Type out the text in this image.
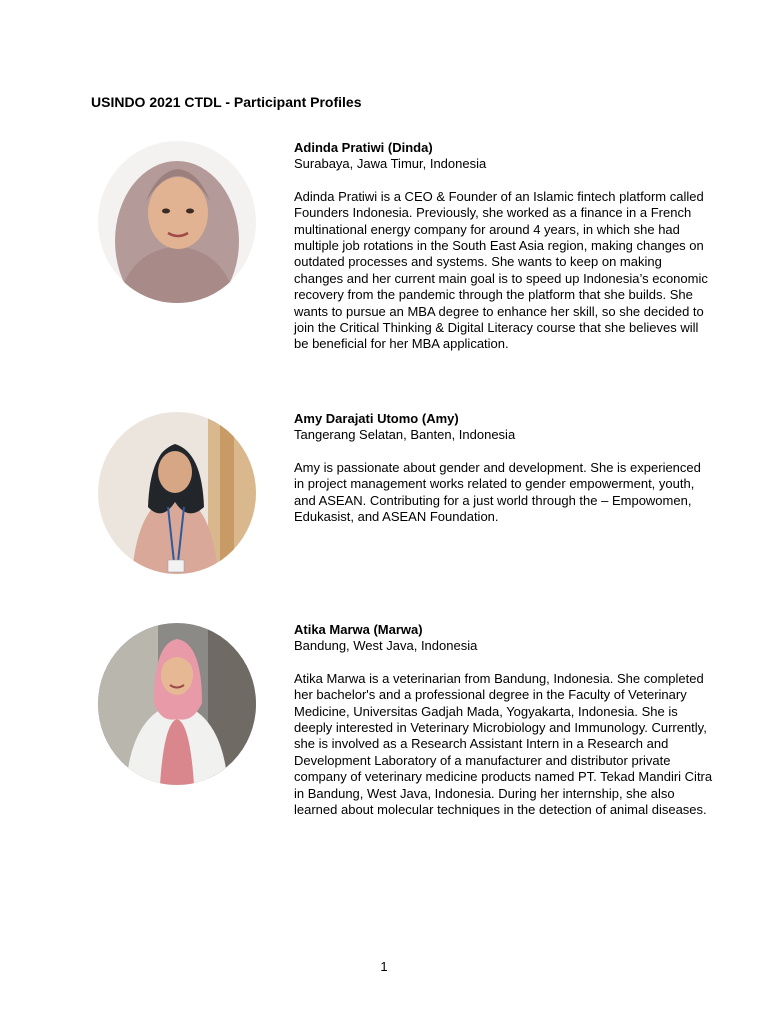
USINDO 2021 CTDL - Participant Profiles
Adinda Pratiwi (Dinda)
Surabaya, Jawa Timur, Indonesia
Adinda Pratiwi is a CEO & Founder of an Islamic fintech platform called Founders Indonesia. Previously, she worked as a finance in a French multinational energy company for around 4 years, in which she had multiple job rotations in the South East Asia region, making changes on outdated processes and systems. She wants to keep on making changes and her current main goal is to speed up Indonesia’s economic recovery from the pandemic through the platform that she builds. She wants to pursue an MBA degree to enhance her skill, so she decided to join the Critical Thinking & Digital Literacy course that she believes will be beneficial for her MBA application.
Amy Darajati Utomo (Amy)
Tangerang Selatan, Banten, Indonesia
Amy is passionate about gender and development. She is experienced in project management works related to gender empowerment, youth, and ASEAN. Contributing for a just world through the – Empowomen, Edukasist, and ASEAN Foundation.
Atika Marwa (Marwa)
Bandung, West Java, Indonesia
Atika Marwa is a veterinarian from Bandung, Indonesia. She completed her bachelor's and a professional degree in the Faculty of Veterinary Medicine, Universitas Gadjah Mada, Yogyakarta, Indonesia. She is deeply interested in Veterinary Microbiology and Immunology. Currently, she is involved as a Research Assistant Intern in a Research and Development Laboratory of a manufacturer and distributor private company of veterinary medicine products named PT. Tekad Mandiri Citra in Bandung, West Java, Indonesia. During her internship, she also learned about molecular techniques in the detection of animal diseases.
1
